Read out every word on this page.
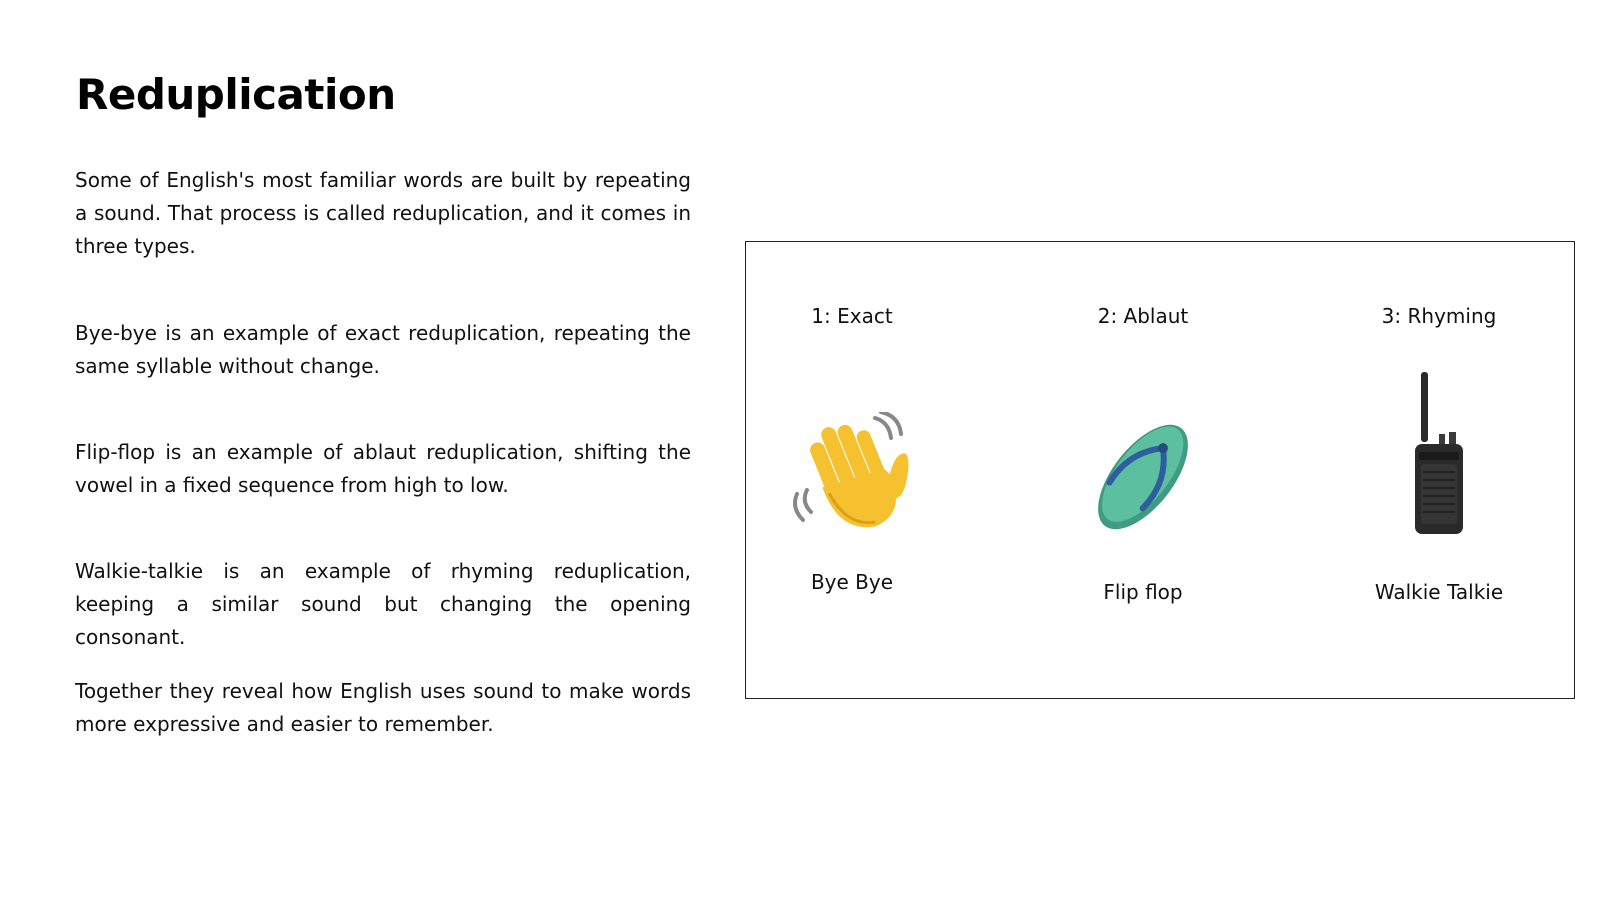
Reduplication

Some of English's most familiar words are built by repeating a sound. That process is called reduplication, and it comes in three types.

Bye-bye is an example of exact reduplication, repeating the same syllable without change.

Flip-flop is an example of ablaut reduplication, shifting the vowel in a fixed sequence from high to low.

Walkie-talkie is an example of rhyming reduplication, keeping a similar sound but changing the opening consonant.

Together they reveal how English uses sound to make words more expressive and easier to remember.

1: Exact
Bye Bye
2: Ablaut
Flip flop
3: Rhyming
Walkie Talkie
